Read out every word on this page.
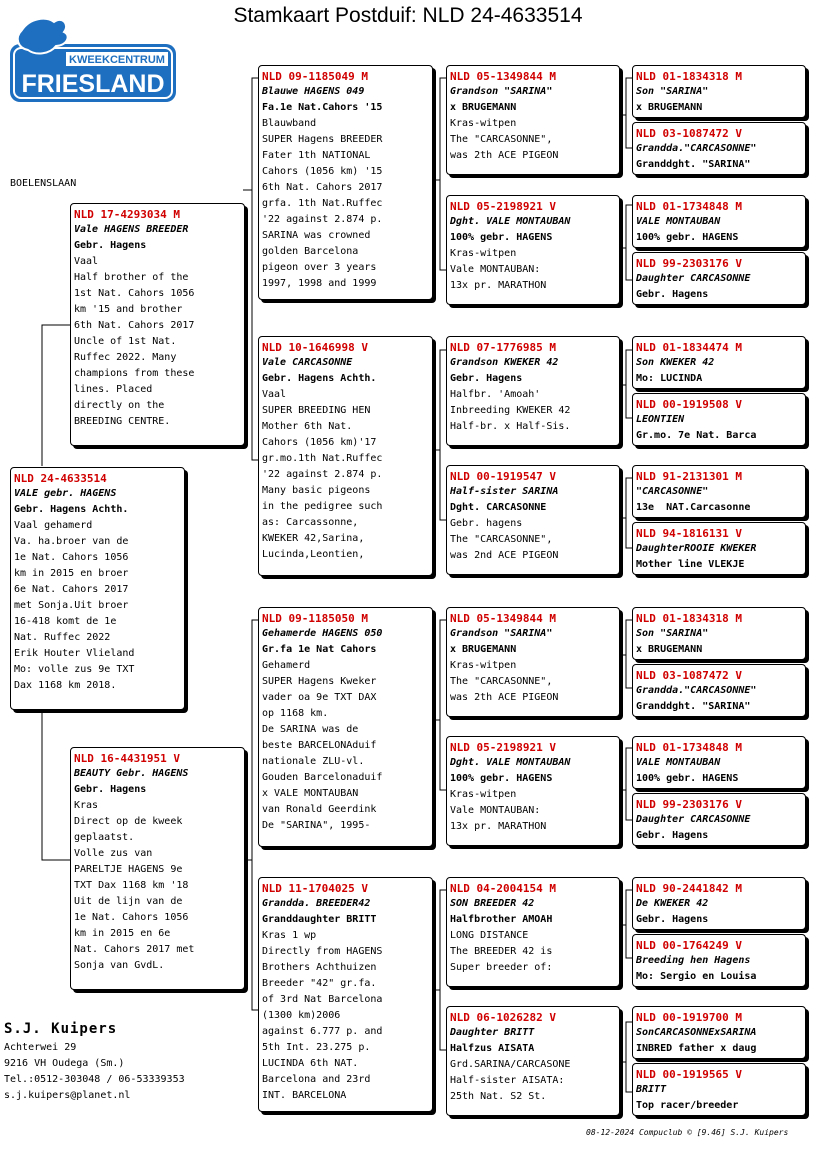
Stamkaart Postduif: NLD 24-4633514
KWEEKCENTRUM
FRIESLAND
BOELENSLAAN
NLD 24-4633514
VALE gebr. HAGENS
Gebr. Hagens Achth.
Vaal gehamerd
Va. ha.broer van de
1e Nat. Cahors 1056
km in 2015 en broer
6e Nat. Cahors 2017
met Sonja.Uit broer
16-418 komt de 1e
Nat. Ruffec 2022
Erik Houter Vlieland
Mo: volle zus 9e TXT
Dax 1168 km 2018.
NLD 17-4293034 M
Vale HAGENS BREEDER
Gebr. Hagens
Vaal
Half brother of the
1st Nat. Cahors 1056
km '15 and brother
6th Nat. Cahors 2017
Uncle of 1st Nat.
Ruffec 2022. Many
champions from these
lines. Placed
directly on the
BREEDING CENTRE.
NLD 16-4431951 V
BEAUTY Gebr. HAGENS
Gebr. Hagens
Kras
Direct op de kweek
geplaatst.
Volle zus van
PARELTJE HAGENS 9e
TXT Dax 1168 km '18
Uit de lijn van de
1e Nat. Cahors 1056
km in 2015 en 6e
Nat. Cahors 2017 met
Sonja van GvdL.
NLD 09-1185049 M
Blauwe HAGENS 049
Fa.1e Nat.Cahors '15
Blauwband
SUPER Hagens BREEDER
Fater 1th NATIONAL
Cahors (1056 km) '15
6th Nat. Cahors 2017
grfa. 1th Nat.Ruffec
'22 against 2.874 p.
SARINA was crowned
golden Barcelona
pigeon over 3 years
1997, 1998 and 1999
NLD 10-1646998 V
Vale CARCASONNE
Gebr. Hagens Achth.
Vaal
SUPER BREEDING HEN
Mother 6th Nat.
Cahors (1056 km)'17
gr.mo.1th Nat.Ruffec
'22 against 2.874 p.
Many basic pigeons
in the pedigree such
as: Carcassonne,
KWEKER 42,Sarina,
Lucinda,Leontien,
NLD 09-1185050 M
Gehamerde HAGENS 050
Gr.fa 1e Nat Cahors
Gehamerd
SUPER Hagens Kweker
vader oa 9e TXT DAX
op 1168 km.
De SARINA was de
beste BARCELONAduif
nationale ZLU-vl.
Gouden Barcelonaduif
x VALE MONTAUBAN
van Ronald Geerdink
De "SARINA", 1995-
NLD 11-1704025 V
Grandda. BREEDER42
Granddaughter BRITT
Kras 1 wp
Directly from HAGENS
Brothers Achthuizen
Breeder "42" gr.fa.
of 3rd Nat Barcelona
(1300 km)2006
against 6.777 p. and
5th Int. 23.275 p.
LUCINDA 6th NAT.
Barcelona and 23rd
INT. BARCELONA
NLD 05-1349844 M
Grandson "SARINA"
x BRUGEMANN
Kras-witpen
The "CARCASONNE",
was 2th ACE PIGEON
NLD 05-2198921 V
Dght. VALE MONTAUBAN
100% gebr. HAGENS
Kras-witpen
Vale MONTAUBAN:
13x pr. MARATHON
NLD 07-1776985 M
Grandson KWEKER 42
Gebr. Hagens
Halfbr. 'Amoah'
Inbreeding KWEKER 42
Half-br. x Half-Sis.
NLD 00-1919547 V
Half-sister SARINA
Dght. CARCASONNE
Gebr. hagens
The "CARCASONNE",
was 2nd ACE PIGEON
NLD 05-1349844 M
Grandson "SARINA"
x BRUGEMANN
Kras-witpen
The "CARCASONNE",
was 2th ACE PIGEON
NLD 05-2198921 V
Dght. VALE MONTAUBAN
100% gebr. HAGENS
Kras-witpen
Vale MONTAUBAN:
13x pr. MARATHON
NLD 04-2004154 M
SON BREEDER 42
Halfbrother AMOAH
LONG DISTANCE
The BREEDER 42 is
Super breeder of:
NLD 06-1026282 V
Daughter BRITT
Halfzus AISATA
Grd.SARINA/CARCASONE
Half-sister AISATA:
25th Nat. S2 St.
NLD 01-1834318 M
Son "SARINA"
x BRUGEMANN
NLD 03-1087472 V
Grandda."CARCASONNE"
Granddght. "SARINA"
NLD 01-1734848 M
VALE MONTAUBAN
100% gebr. HAGENS
NLD 99-2303176 V
Daughter CARCASONNE
Gebr. Hagens
NLD 01-1834474 M
Son KWEKER 42
Mo: LUCINDA
NLD 00-1919508 V
LEONTIEN
Gr.mo. 7e Nat. Barca
NLD 91-2131301 M
"CARCASONNE"
13e  NAT.Carcasonne
NLD 94-1816131 V
DaughterROOIE KWEKER
Mother line VLEKJE
NLD 01-1834318 M
Son "SARINA"
x BRUGEMANN
NLD 03-1087472 V
Grandda."CARCASONNE"
Granddght. "SARINA"
NLD 01-1734848 M
VALE MONTAUBAN
100% gebr. HAGENS
NLD 99-2303176 V
Daughter CARCASONNE
Gebr. Hagens
NLD 90-2441842 M
De KWEKER 42
Gebr. Hagens
NLD 00-1764249 V
Breeding hen Hagens
Mo: Sergio en Louisa
NLD 00-1919700 M
SonCARCASONNExSARINA
INBRED father x daug
NLD 00-1919565 V
BRITT
Top racer/breeder
S.J. Kuipers
Achterwei 29
9216 VH Oudega (Sm.)
Tel.:0512-303048 / 06-53339353
s.j.kuipers@planet.nl
08-12-2024 Compuclub © [9.46] S.J. Kuipers
